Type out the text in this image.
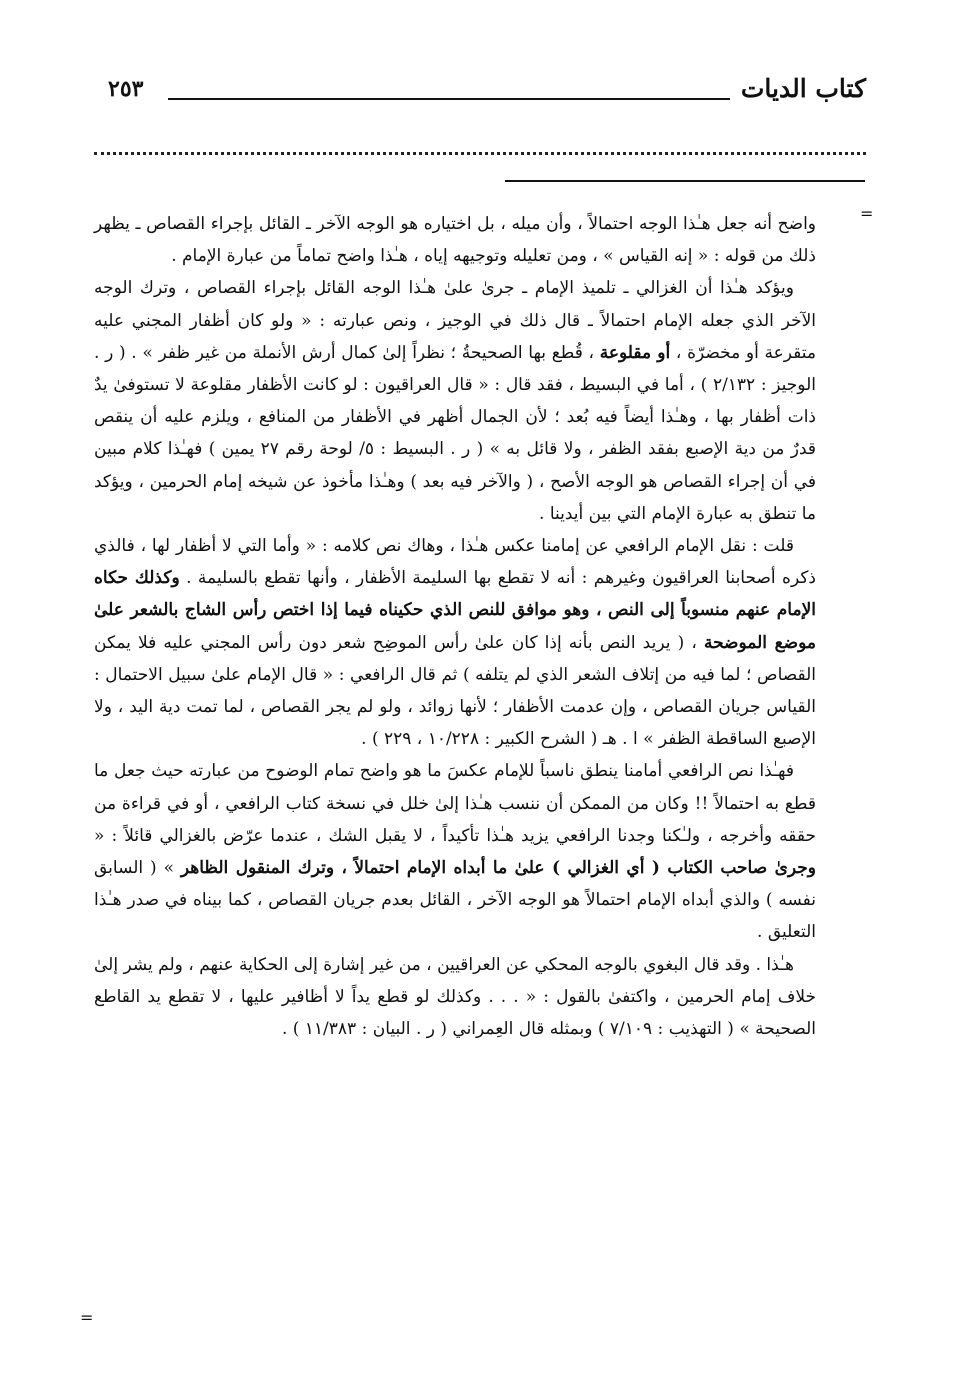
كتاب الديات
٢٥٣
=
=

واضح أنه جعل هـٰذا الوجه احتمالاً ، وأن ميله ، بل اختياره هو الوجه الآخر ـ القائل بإجراء القصاص ـ يظهر ذلك من قوله : « إنه القياس » ، ومن تعليله وتوجيهه إياه ، هـٰذا واضح تماماً من عبارة الإمام .

ويؤكد هـٰذا أن الغزالي ـ تلميذ الإمام ـ جرىٰ علىٰ هـٰذا الوجه القائل بإجراء القصاص ، وترك الوجه الآخر الذي جعله الإمام احتمالاً ـ قال ذلك في الوجيز ، ونص عبارته : « ولو كان أظفار المجني عليه متقرعة أو مخضرّة ، أو مقلوعة ، قُطع بها الصحيحةُ ؛ نظراً إلىٰ كمال أرش الأنملة من غير ظفر » . ( ر . الوجيز : ٢/١٣٢ ) ، أما في البسيط ، فقد قال : « قال العراقيون : لو كانت الأظفار مقلوعة لا تستوفىٰ يدٌ ذات أظفار بها ، وهـٰذا أيضاً فيه بُعد ؛ لأن الجمال أظهر في الأظفار من المنافع ، ويلزم عليه أن ينقص قدرٌ من دية الإصبع بفقد الظفر ، ولا قائل به » ( ر . البسيط : ٥/ لوحة رقم ٢٧ يمين ) فهـٰذا كلام مبين في أن إجراء القصاص هو الوجه الأصح ، ( والآخر فيه بعد ) وهـٰذا مأخوذ عن شيخه إمام الحرمين ، ويؤكد ما تنطق به عبارة الإمام التي بين أيدينا .

قلت : نقل الإمام الرافعي عن إمامنا عكس هـٰذا ، وهاك نص كلامه : « وأما التي لا أظفار لها ، فالذي ذكره أصحابنا العراقيون وغيرهم : أنه لا تقطع بها السليمة الأظفار ، وأنها تقطع بالسليمة . وكذلك حكاه الإمام عنهم منسوباً إلى النص ، وهو موافق للنص الذي حكيناه فيما إذا اختص رأس الشاج بالشعر علىٰ موضع الموضحة ، ( يريد النص بأنه إذا كان علىٰ رأس الموضِح شعر دون رأس المجني عليه فلا يمكن القصاص ؛ لما فيه من إتلاف الشعر الذي لم يتلفه ) ثم قال الرافعي : « قال الإمام علىٰ سبيل الاحتمال : القياس جريان القصاص ، وإن عدمت الأظفار ؛ لأنها زوائد ، ولو لم يجر القصاص ، لما تمت دية اليد ، ولا الإصبع الساقطة الظفر » ا . هـ ( الشرح الكبير : ١٠/٢٢٨ ، ٢٢٩ ) .

فهـٰذا نص الرافعي أمامنا ينطق ناسباً للإمام عكسَ ما هو واضح تمام الوضوح من عبارته حيث جعل ما قطع به احتمالاً !! وكان من الممكن أن ننسب هـٰذا إلىٰ خلل في نسخة كتاب الرافعي ، أو في قراءة من حققه وأخرجه ، ولـٰكنا وجدنا الرافعي يزيد هـٰذا تأكيداً ، لا يقبل الشك ، عندما عرّض بالغزالي قائلاً : « وجرىٰ صاحب الكتاب ( أي الغزالي ) علىٰ ما أبداه الإمام احتمالاً ، وترك المنقول الظاهر » ( السابق نفسه ) والذي أبداه الإمام احتمالاً هو الوجه الآخر ، القائل بعدم جريان القصاص ، كما بيناه في صدر هـٰذا التعليق .

هـٰذا . وقد قال البغوي بالوجه المحكي عن العراقيين ، من غير إشارة إلى الحكاية عنهم ، ولم يشر إلىٰ خلاف إمام الحرمين ، واكتفىٰ بالقول : « . . . وكذلك لو قطع يداً لا أظافير عليها ، لا تقطع يد القاطع الصحيحة » ( التهذيب : ٧/١٠٩ ) وبمثله قال العِمراني ( ر . البيان : ١١/٣٨٣ ) .
